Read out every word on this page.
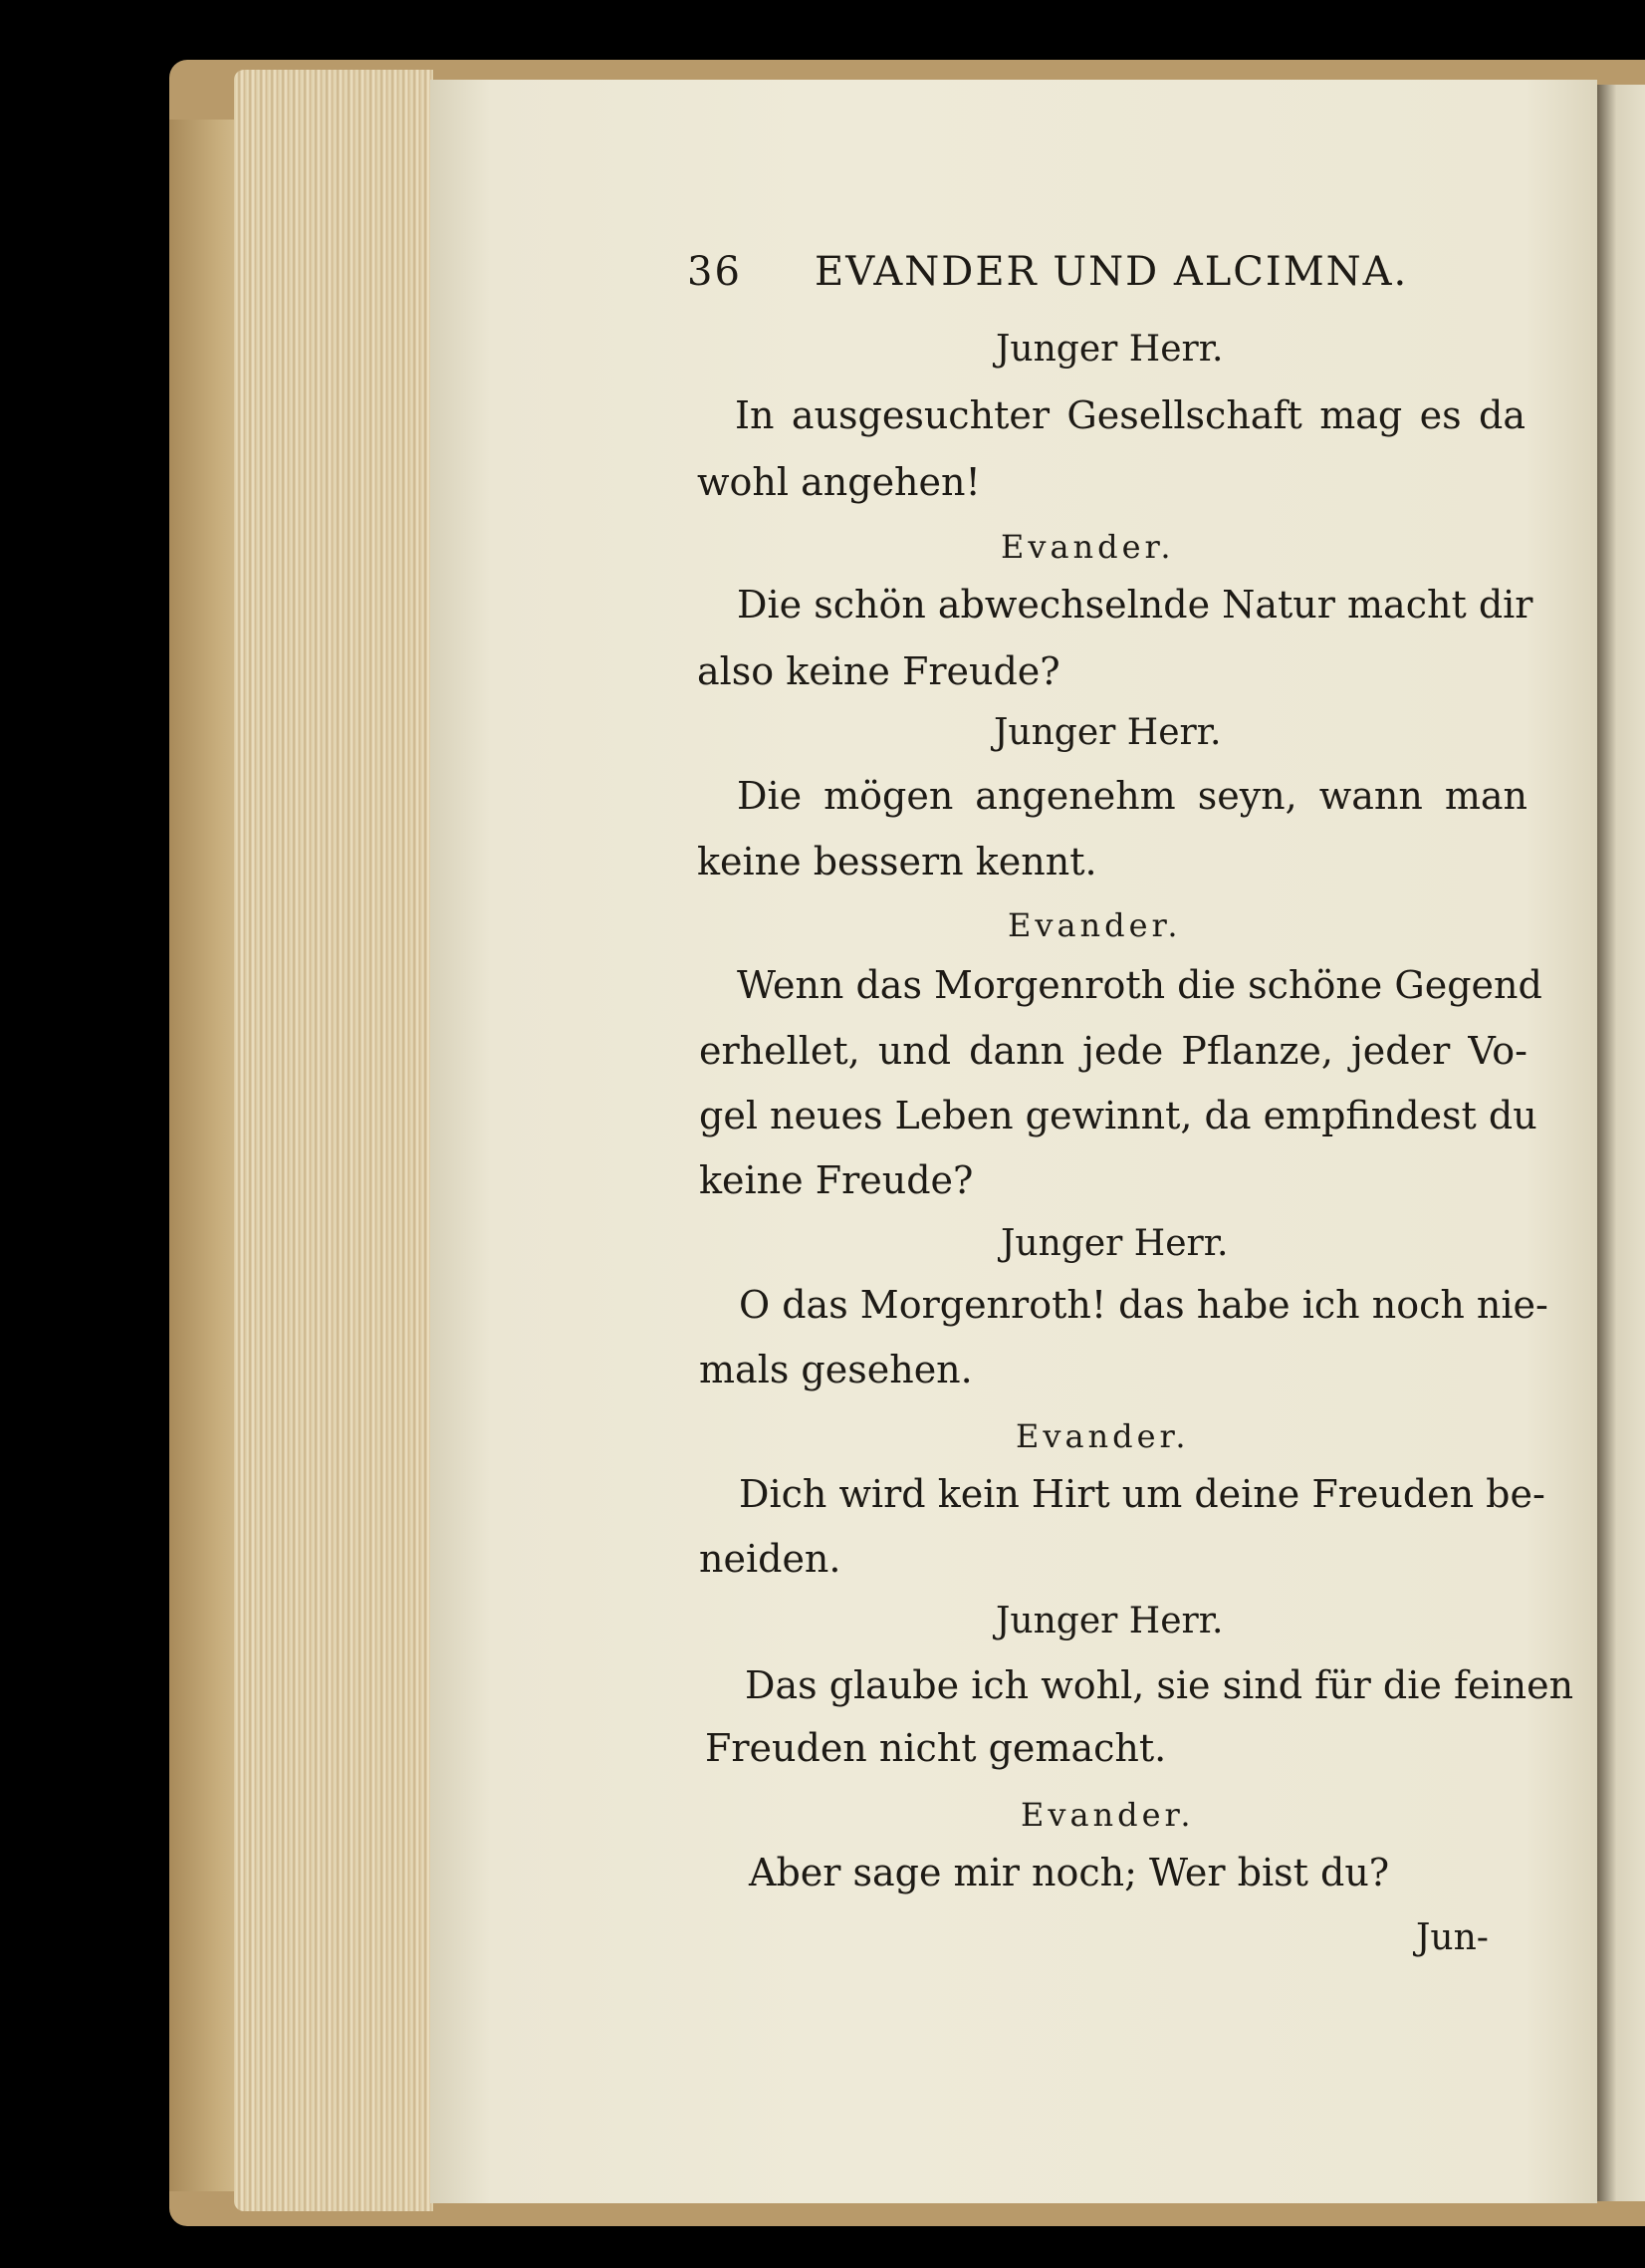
36 EVANDER UND ALCIMNA.
Junger Herr.
In ausgesuchter Gesellschaft mag es da
wohl angehen!
Evander.
Die schön abwechselnde Natur macht dir
also keine Freude?
Junger Herr.
Die mögen angenehm seyn, wann man
keine bessern kennt.
Evander.
Wenn das Morgenroth die schöne Gegend
erhellet, und dann jede Pflanze, jeder Vo-
gel neues Leben gewinnt, da empfindest du
keine Freude?
Junger Herr.
O das Morgenroth! das habe ich noch nie-
mals gesehen.
Evander.
Dich wird kein Hirt um deine Freuden be-
neiden.
Junger Herr.
Das glaube ich wohl, sie sind für die feinen
Freuden nicht gemacht.
Evander.
Aber sage mir noch; Wer bist du?
Jun-
